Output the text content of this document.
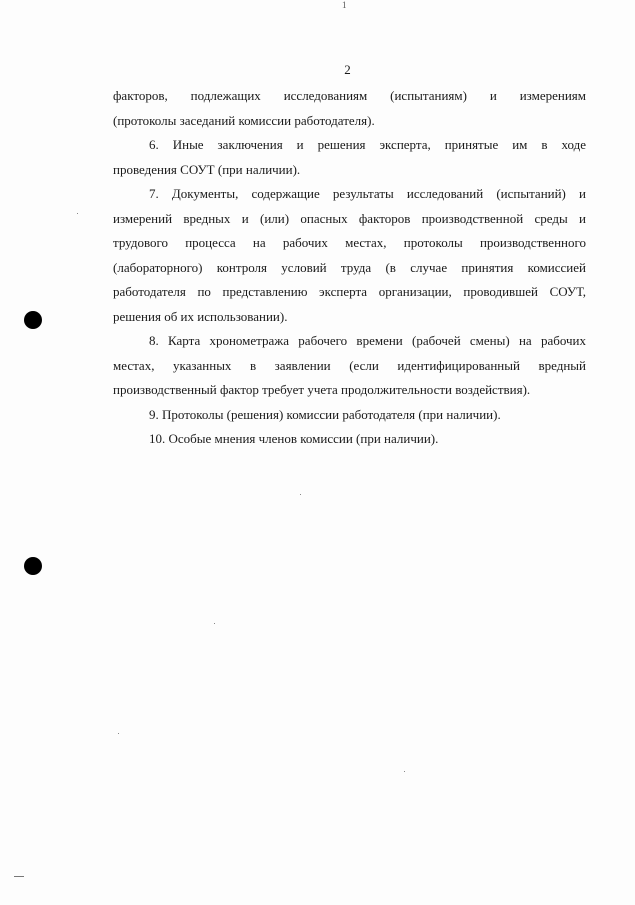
1
2
факторов, подлежащих исследованиям (испытаниям) и измерениям
(протоколы заседаний комиссии работодателя).
6. Иные заключения и решения эксперта, принятые им в ходе
проведения СОУТ (при наличии).
7. Документы, содержащие результаты исследований (испытаний) и
измерений вредных и (или) опасных факторов производственной среды и
трудового процесса на рабочих местах, протоколы производственного
(лабораторного) контроля условий труда (в случае принятия комиссией
работодателя по представлению эксперта организации, проводившей СОУТ,
решения об их использовании).
8. Карта хронометража рабочего времени (рабочей смены) на рабочих
местах, указанных в заявлении (если идентифицированный вредный
производственный фактор требует учета продолжительности воздействия).
9. Протоколы (решения) комиссии работодателя (при наличии).
10. Особые мнения членов комиссии (при наличии).
